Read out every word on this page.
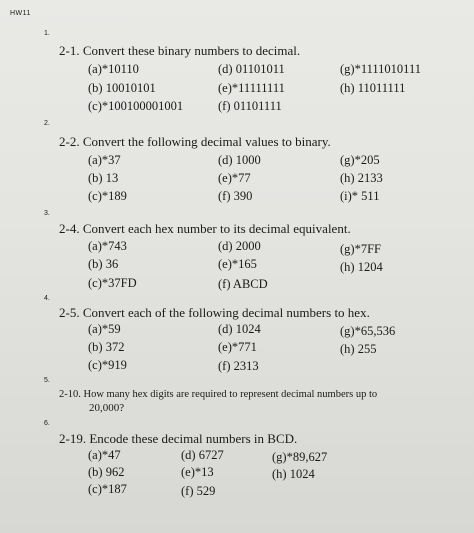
HW11
1.
2-1. Convert these binary numbers to decimal.
(a)*10110	(d) 01101011	(g)*1111010111
(b) 10010101	(e)*11111111	(h) 11011111
(c)*100100001001	(f) 01101111
2.
2-2. Convert the following decimal values to binary.
(a)*37	(d) 1000	(g)*205
(b) 13	(e)*77	(h) 2133
(c)*189	(f) 390	(i)* 511
3.
2-4. Convert each hex number to its decimal equivalent.
(a)*743	(d) 2000	(g)*7FF
(b) 36	(e)*165	(h) 1204
(c)*37FD	(f) ABCD
4.
2-5. Convert each of the following decimal numbers to hex.
(a)*59	(d) 1024	(g)*65,536
(b) 372	(e)*771	(h) 255
(c)*919	(f) 2313
5.
2-10. How many hex digits are required to represent decimal numbers up to
20,000?
6.
2-19. Encode these decimal numbers in BCD.
(a)*47	(d) 6727	(g)*89,627
(b) 962	(e)*13	(h) 1024
(c)*187	(f) 529
